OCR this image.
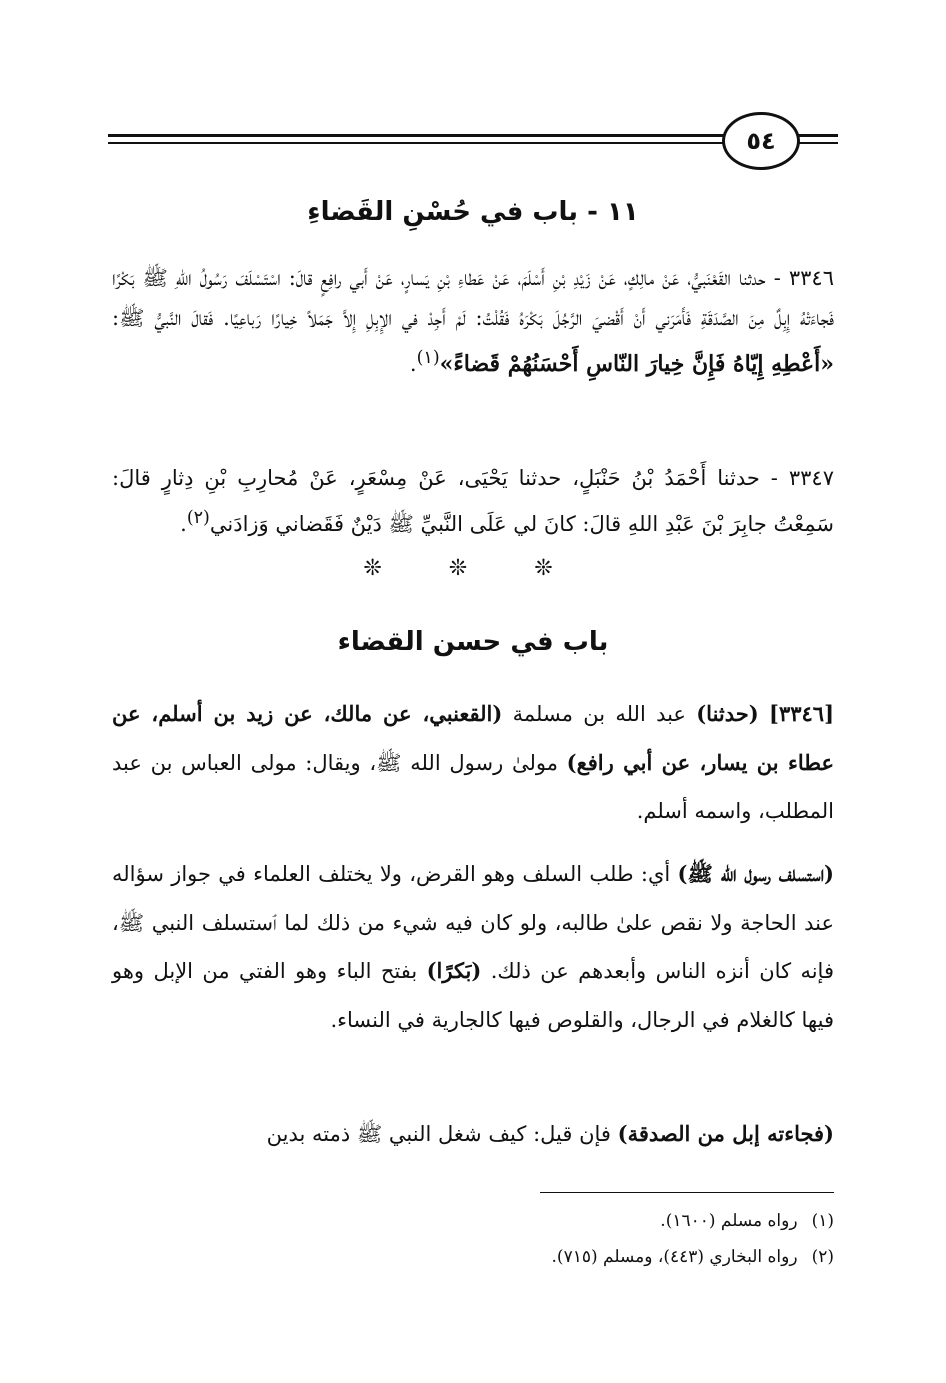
٥٤
١١ - باب في حُسْنِ القَضاءِ
٣٣٤٦ - حدثنا القَعْنَبيُّ، عَنْ مالِكٍ، عَنْ زَيْدِ بْنِ أَسْلَمَ، عَنْ عَطاءِ بْنِ يَسارٍ، عَنْ أَبي رافِعٍ قالَ: اسْتَسْلَفَ رَسُولُ اللهِ ﷺ بَكْرًا فَجاءَتْهُ إِبِلٌ مِنَ الصَّدَقَةِ فَأَمَرَني أَنْ أَقْضيَ الرَّجُلَ بَكْرَهُ فَقُلْتُ: لَمْ أَجِدْ في الإِبِلِ إِلاَّ جَمَلاً خِيارًا رَباعِيًا. فَقالَ النَّبيُّ ﷺ: «أَعْطِهِ إِيّاهُ فَإِنَّ خِيارَ النّاسِ أَحْسَنُهُمْ قَضاءً»$^{(١)}$.
٣٣٤٧ - حدثنا أَحْمَدُ بْنُ حَنْبَلٍ، حدثنا يَحْيَى، عَنْ مِسْعَرٍ، عَنْ مُحارِبِ بْنِ دِثارٍ قالَ: سَمِعْتُ جابِرَ بْنَ عَبْدِ اللهِ قالَ: كانَ لي عَلَى النَّبيِّ ﷺ دَيْنٌ فَقَضاني وَزادَني$^{(٢)}$.
❊ ❊ ❊
باب في حسن القضاء
[٣٣٤٦] (حدثنا) عبد الله بن مسلمة (القعنبي، عن مالك، عن زيد بن أسلم، عن عطاء بن يسار، عن أبي رافع) مولىٰ رسول الله ﷺ، ويقال: مولى العباس بن عبد المطلب، واسمه أسلم.
(استسلف رسول الله ﷺ) أي: طلب السلف وهو القرض، ولا يختلف العلماء في جواز سؤاله عند الحاجة ولا نقص علىٰ طالبه، ولو كان فيه شيء من ذلك لما ٱستسلف النبي ﷺ، فإنه كان أنزه الناس وأبعدهم عن ذلك. (بَكرًا) بفتح الباء وهو الفتي من الإبل وهو فيها كالغلام في الرجال، والقلوص فيها كالجارية في النساء.
(فجاءته إبل من الصدقة) فإن قيل: كيف شغل النبي ﷺ ذمته بدين
(١)رواه مسلم (١٦٠٠).
(٢)رواه البخاري (٤٤٣)، ومسلم (٧١٥).
